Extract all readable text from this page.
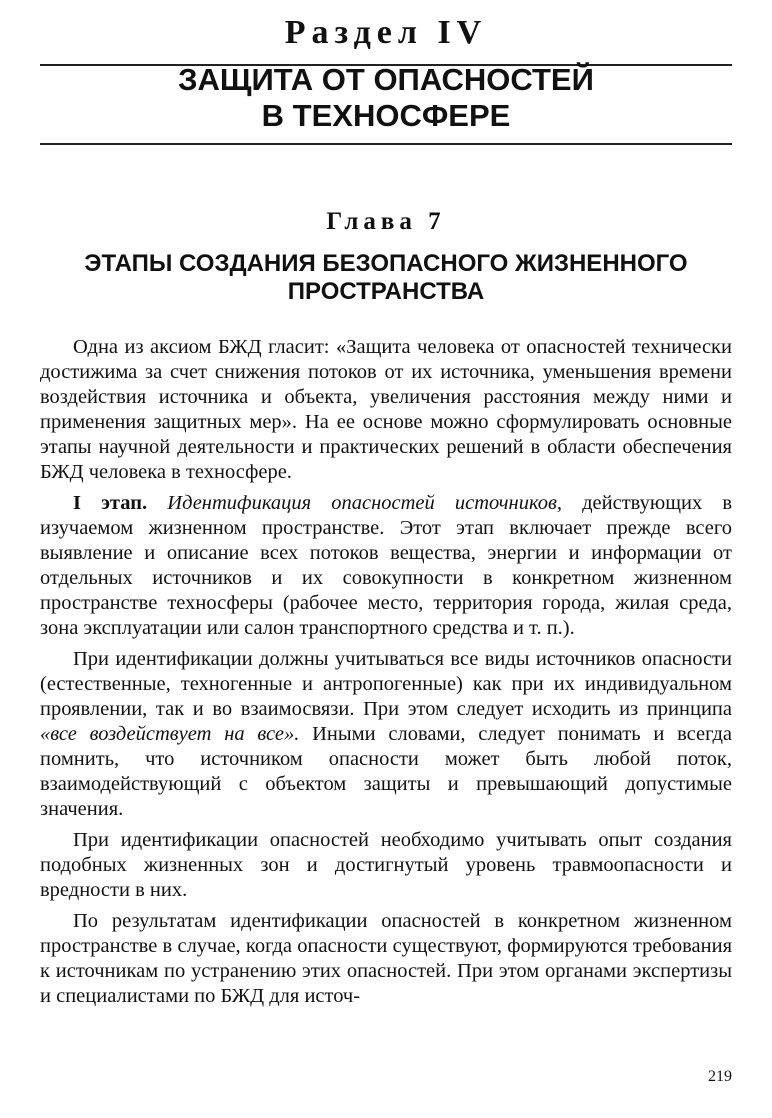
Раздел IV
ЗАЩИТА ОТ ОПАСНОСТЕЙ
В ТЕХНОСФЕРЕ
Глава 7
ЭТАПЫ СОЗДАНИЯ БЕЗОПАСНОГО ЖИЗНЕННОГО
ПРОСТРАНСТВА

Одна из аксиом БЖД гласит: «Защита человека от опасностей технически достижима за счет снижения потоков от их источника, уменьшения времени воздействия источника и объекта, увеличения расстояния между ними и применения защитных мер». На ее основе можно сформулировать основные этапы научной деятельности и практических решений в области обеспечения БЖД человека в техносфере.

I этап. Идентификация опасностей источников, действующих в изучаемом жизненном пространстве. Этот этап включает прежде всего выявление и описание всех потоков вещества, энергии и информации от отдельных источников и их совокупности в конкретном жизненном пространстве техносферы (рабочее место, территория города, жилая среда, зона эксплуатации или салон транспортного средства и т. п.).

При идентификации должны учитываться все виды источников опасности (естественные, техногенные и антропогенные) как при их индивидуальном проявлении, так и во взаимосвязи. При этом следует исходить из принципа «все воздействует на все». Иными словами, следует понимать и всегда помнить, что источником опасности может быть любой поток, взаимодействующий с объектом защиты и превышающий допустимые значения.

При идентификации опасностей необходимо учитывать опыт создания подобных жизненных зон и достигнутый уровень травмоопасности и вредности в них.

По результатам идентификации опасностей в конкретном жизненном пространстве в случае, когда опасности существуют, формируются требования к источникам по устранению этих опасностей. При этом органами экспертизы и специалистами по БЖД для источ-

219
